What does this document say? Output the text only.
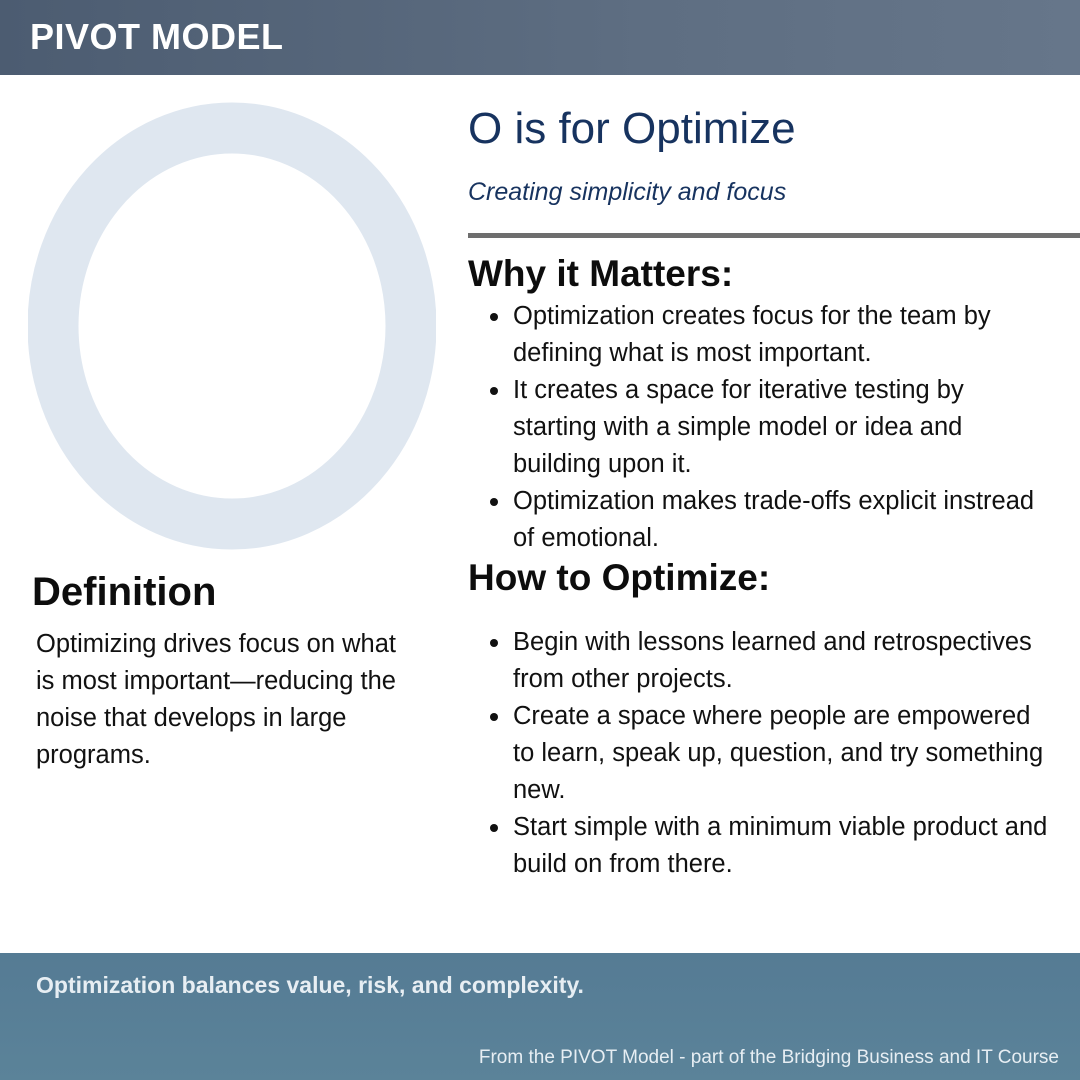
PIVOT MODEL
O is for Optimize
Creating simplicity and focus
Why it Matters:
Optimization creates focus for the team by defining what is most important.
It creates a space for iterative testing by starting with a simple model or idea and building upon it.
Optimization makes trade-offs explicit instread of emotional.
How to Optimize:
Begin with lessons learned and retrospectives from other projects.
Create a space where people are empowered to learn, speak up, question, and try something new.
Start simple with a minimum viable product and build on from there.
Definition
Optimizing drives focus on what is most important—reducing the noise that develops in large programs.
Optimization balances value, risk, and complexity.
From the PIVOT Model - part of the Bridging Business and IT Course
